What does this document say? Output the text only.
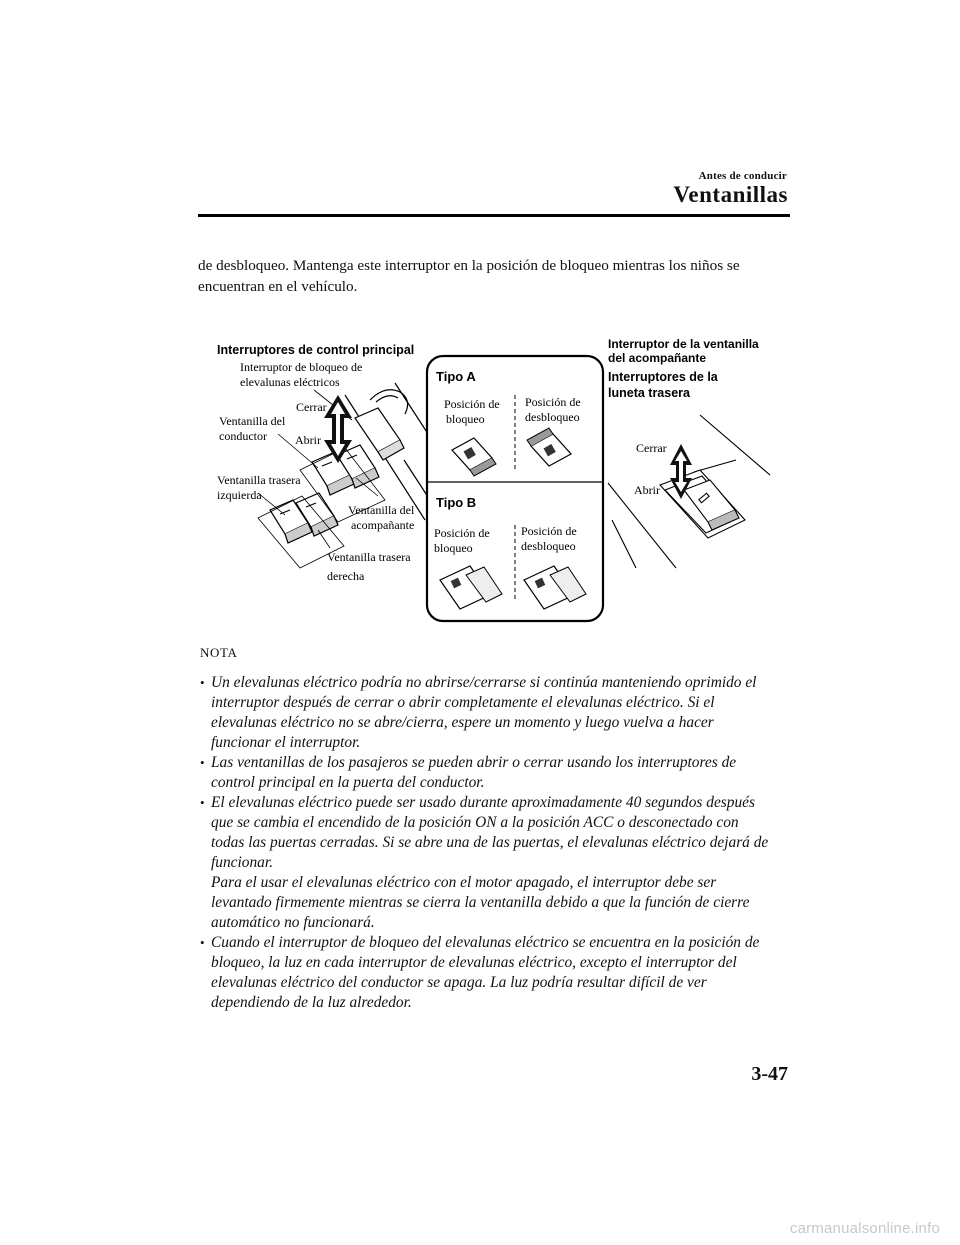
Antes de conducir
Ventanillas
de desbloqueo. Mantenga este interruptor en la posición de bloqueo mientras los niños se
encuentran en el vehículo.
Interruptores de control principal
Interruptor de bloqueo de
elevalunas eléctricos
Cerrar
Abrir
Ventanilla del
conductor
Ventanilla trasera
izquierda
Ventanilla del
acompañante
Ventanilla trasera
derecha
Tipo A
Posición de
bloqueo
Posición de
desbloqueo
Tipo B
Posición de
bloqueo
Posición de
desbloqueo
Interruptor de la ventanilla
del acompañante
Interruptores de la
luneta trasera
Cerrar
Abrir
NOTA
• Un elevalunas eléctrico podría no abrirse/cerrarse si continúa manteniendo oprimido el
interruptor después de cerrar o abrir completamente el elevalunas eléctrico. Si el
elevalunas eléctrico no se abre/cierra, espere un momento y luego vuelva a hacer
funcionar el interruptor.
• Las ventanillas de los pasajeros se pueden abrir o cerrar usando los interruptores de
control principal en la puerta del conductor.
• El elevalunas eléctrico puede ser usado durante aproximadamente 40 segundos después
que se cambia el encendido de la posición ON a la posición ACC o desconectado con
todas las puertas cerradas. Si se abre una de las puertas, el elevalunas eléctrico dejará de
funcionar.
Para el usar el elevalunas eléctrico con el motor apagado, el interruptor debe ser
levantado firmemente mientras se cierra la ventanilla debido a que la función de cierre
automático no funcionará.
• Cuando el interruptor de bloqueo del elevalunas eléctrico se encuentra en la posición de
bloqueo, la luz en cada interruptor de elevalunas eléctrico, excepto el interruptor del
elevalunas eléctrico del conductor se apaga. La luz podría resultar difícil de ver
dependiendo de la luz alrededor.
3-47
carmanualsonline.info
